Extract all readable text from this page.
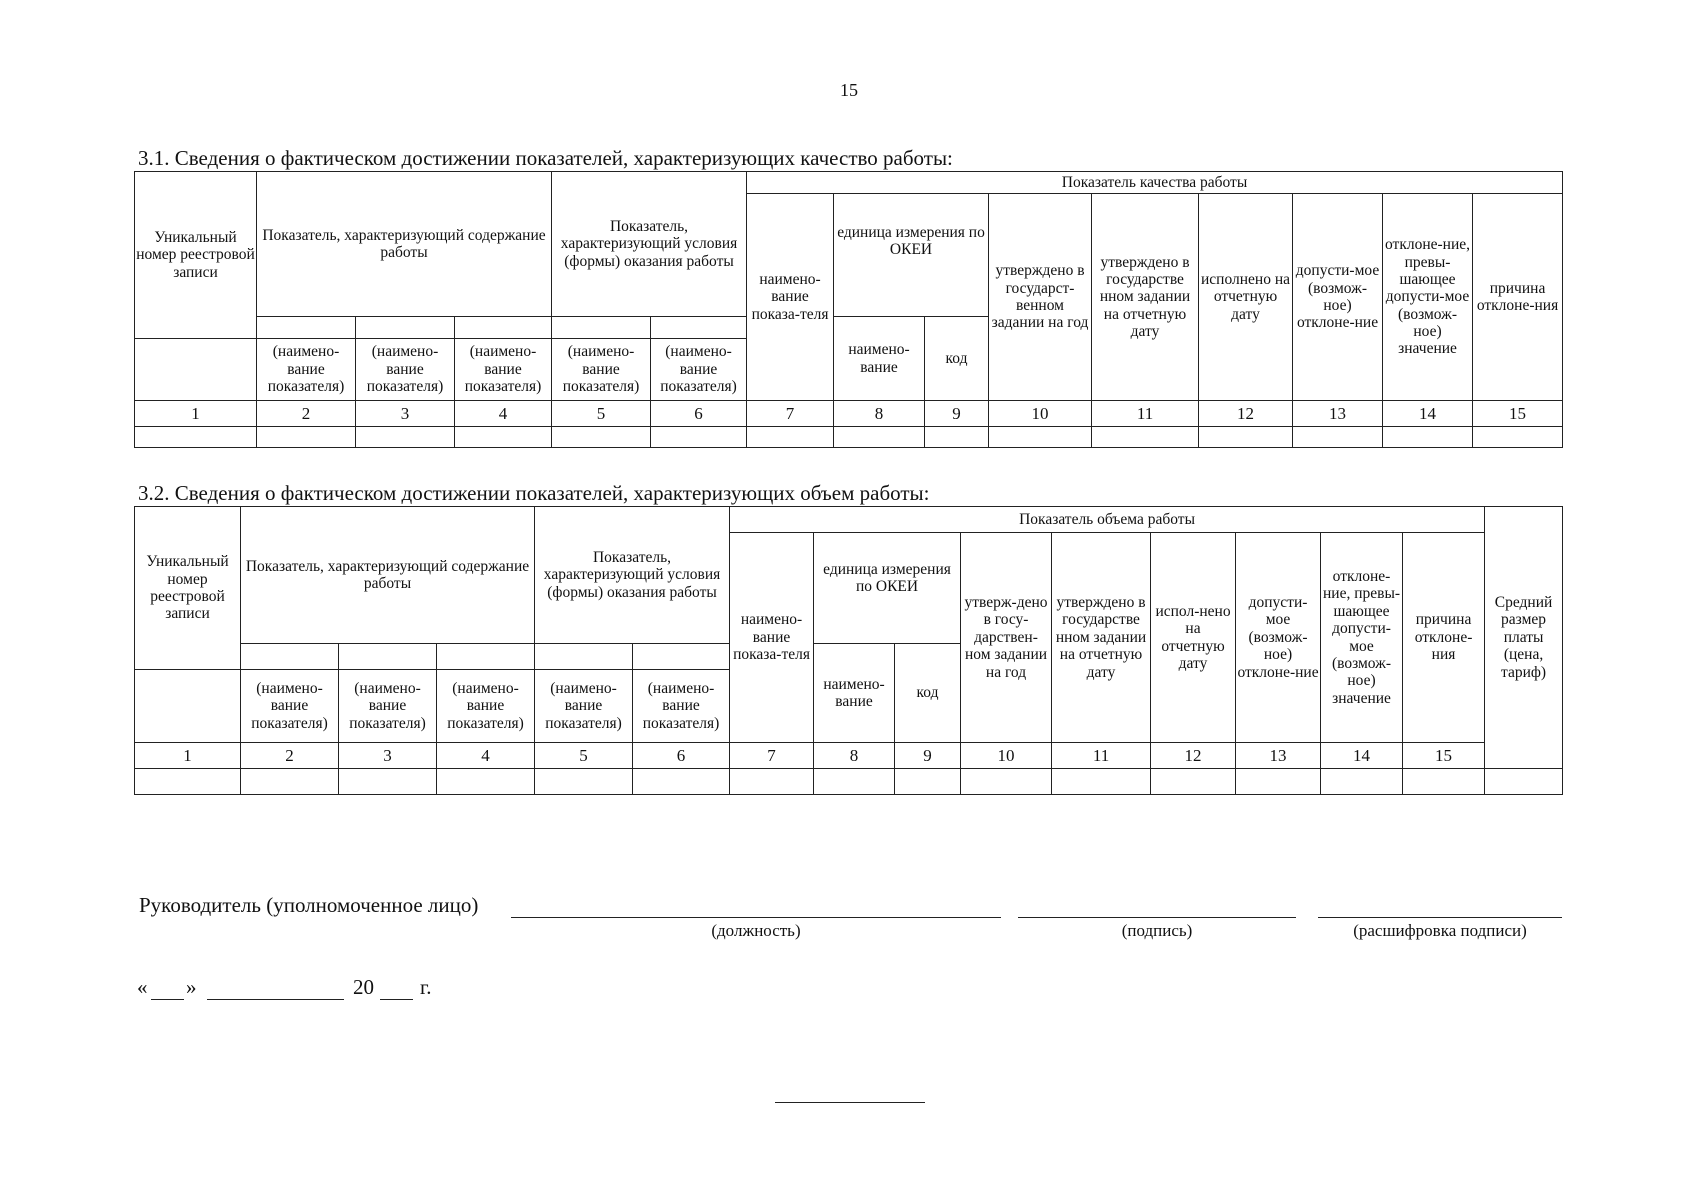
15
3.1. Сведения о фактическом достижении показателей, характеризующих качество работы:
Уникальный номер реестровой записи	Показатель, характеризующий содержание работы			Показатель, характеризующий условия (формы) оказания работы		Показатель качества работы								
						наимено-вание показа-теля	единица измерения по ОКЕИ		утверждено в государст-венном задании на год	утверждено в государстве нном задании на отчетную дату	исполнено на отчетную дату	допусти-мое (возмож-ное) отклоне-ние	отклоне-ние, превы-шающее допусти-мое (возмож-ное) значение	причина отклоне-ния
							наимено-вание	код						
	(наимено-вание показателя)	(наимено-вание показателя)	(наимено-вание показателя)	(наимено-вание показателя)	(наимено-вание показателя)									
1	2	3	4	5	6	7	8	9	10	11	12	13	14	15

3.2. Сведения о фактическом достижении показателей, характеризующих объем работы:
Уникальный номер реестровой записи	Показатель, характеризующий содержание работы			Показатель, характеризующий условия (формы) оказания работы		Показатель объема работы									Средний размер платы (цена, тариф)	
						наимено-вание показа-теля	единица измерения по ОКЕИ		утверж-дено в госу-дарствен-ном задании на год	утверждено в государстве нном задании на отчетную дату	испол-нено на отчетную дату	допусти-мое (возмож-ное) отклоне-ние	отклоне-ние, превы-шающее допусти-мое (возмож-ное) значение	причина отклоне-ния		
							наимено-вание	код								
	(наимено-вание показателя)	(наимено-вание показателя)	(наимено-вание показателя)	(наимено-вание показателя)	(наимено-вание показателя)											
1	2	3	4	5	6	7	8	9	10	11	12	13	14	15	

Руководитель (уполномоченное лицо)
(должность)	(подпись)	(расшифровка подписи)
« »	20 г.
